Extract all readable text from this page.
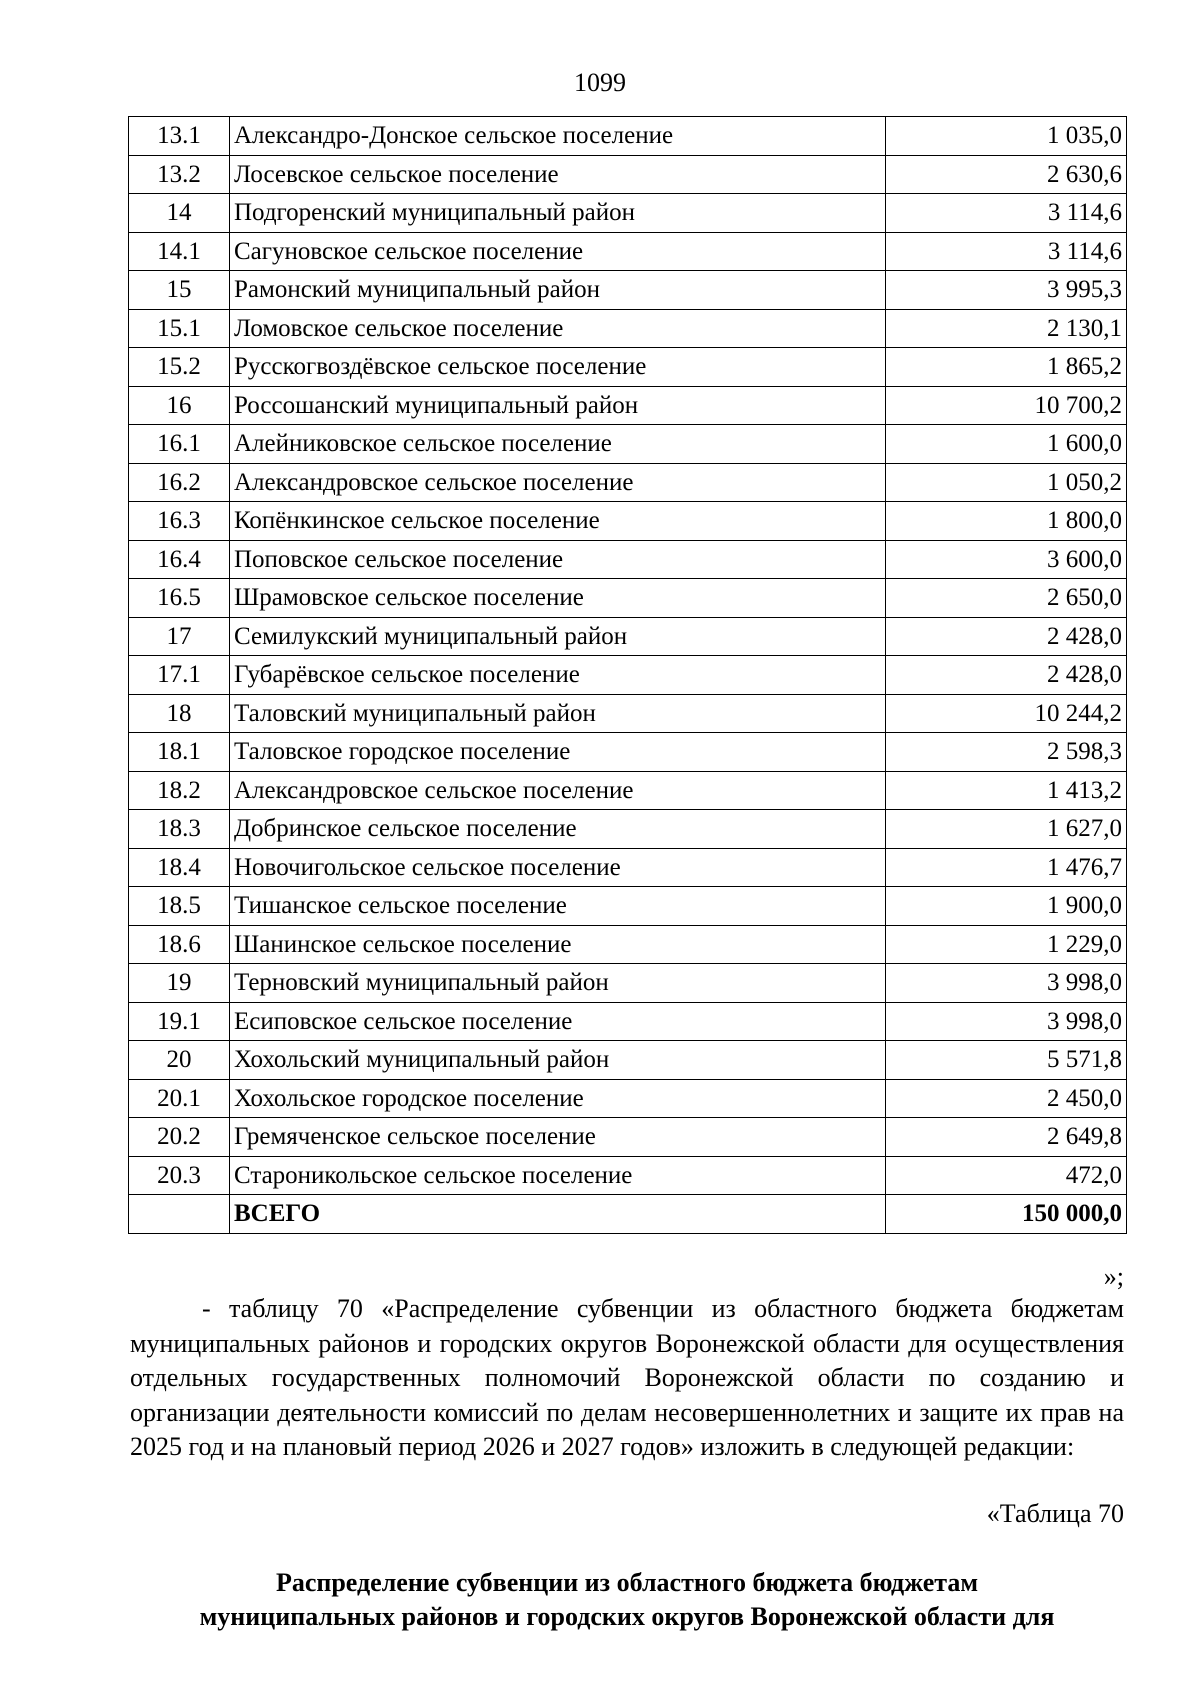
1099
13.1	Александро-Донское сельское поселение	1 035,0
13.2	Лосевское сельское поселение	2 630,6
14	Подгоренский муниципальный район	3 114,6
14.1	Сагуновское сельское поселение	3 114,6
15	Рамонский муниципальный район	3 995,3
15.1	Ломовское сельское поселение	2 130,1
15.2	Русскогвоздёвское сельское поселение	1 865,2
16	Россошанский муниципальный район	10 700,2
16.1	Алейниковское сельское поселение	1 600,0
16.2	Александровское сельское поселение	1 050,2
16.3	Копёнкинское сельское поселение	1 800,0
16.4	Поповское сельское поселение	3 600,0
16.5	Шрамовское сельское поселение	2 650,0
17	Семилукский муниципальный район	2 428,0
17.1	Губарёвское сельское поселение	2 428,0
18	Таловский муниципальный район	10 244,2
18.1	Таловское городское поселение	2 598,3
18.2	Александровское сельское поселение	1 413,2
18.3	Добринское сельское поселение	1 627,0
18.4	Новочигольское сельское поселение	1 476,7
18.5	Тишанское сельское поселение	1 900,0
18.6	Шанинское сельское поселение	1 229,0
19	Терновский муниципальный район	3 998,0
19.1	Есиповское сельское поселение	3 998,0
20	Хохольский муниципальный район	5 571,8
20.1	Хохольское городское поселение	2 450,0
20.2	Гремяченское сельское поселение	2 649,8
20.3	Староникольское сельское поселение	472,0
	ВСЕГО	150 000,0
»;
- таблицу 70 «Распределение субвенции из областного бюджета бюджетам муниципальных районов и городских округов Воронежской области для осуществления отдельных государственных полномочий Воронежской области по созданию и организации деятельности комиссий по делам несовершеннолетних и защите их прав на 2025 год и на плановый период 2026 и 2027 годов» изложить в следующей редакции:
«Таблица 70
Распределение субвенции из областного бюджета бюджетам
муниципальных районов и городских округов Воронежской области для
